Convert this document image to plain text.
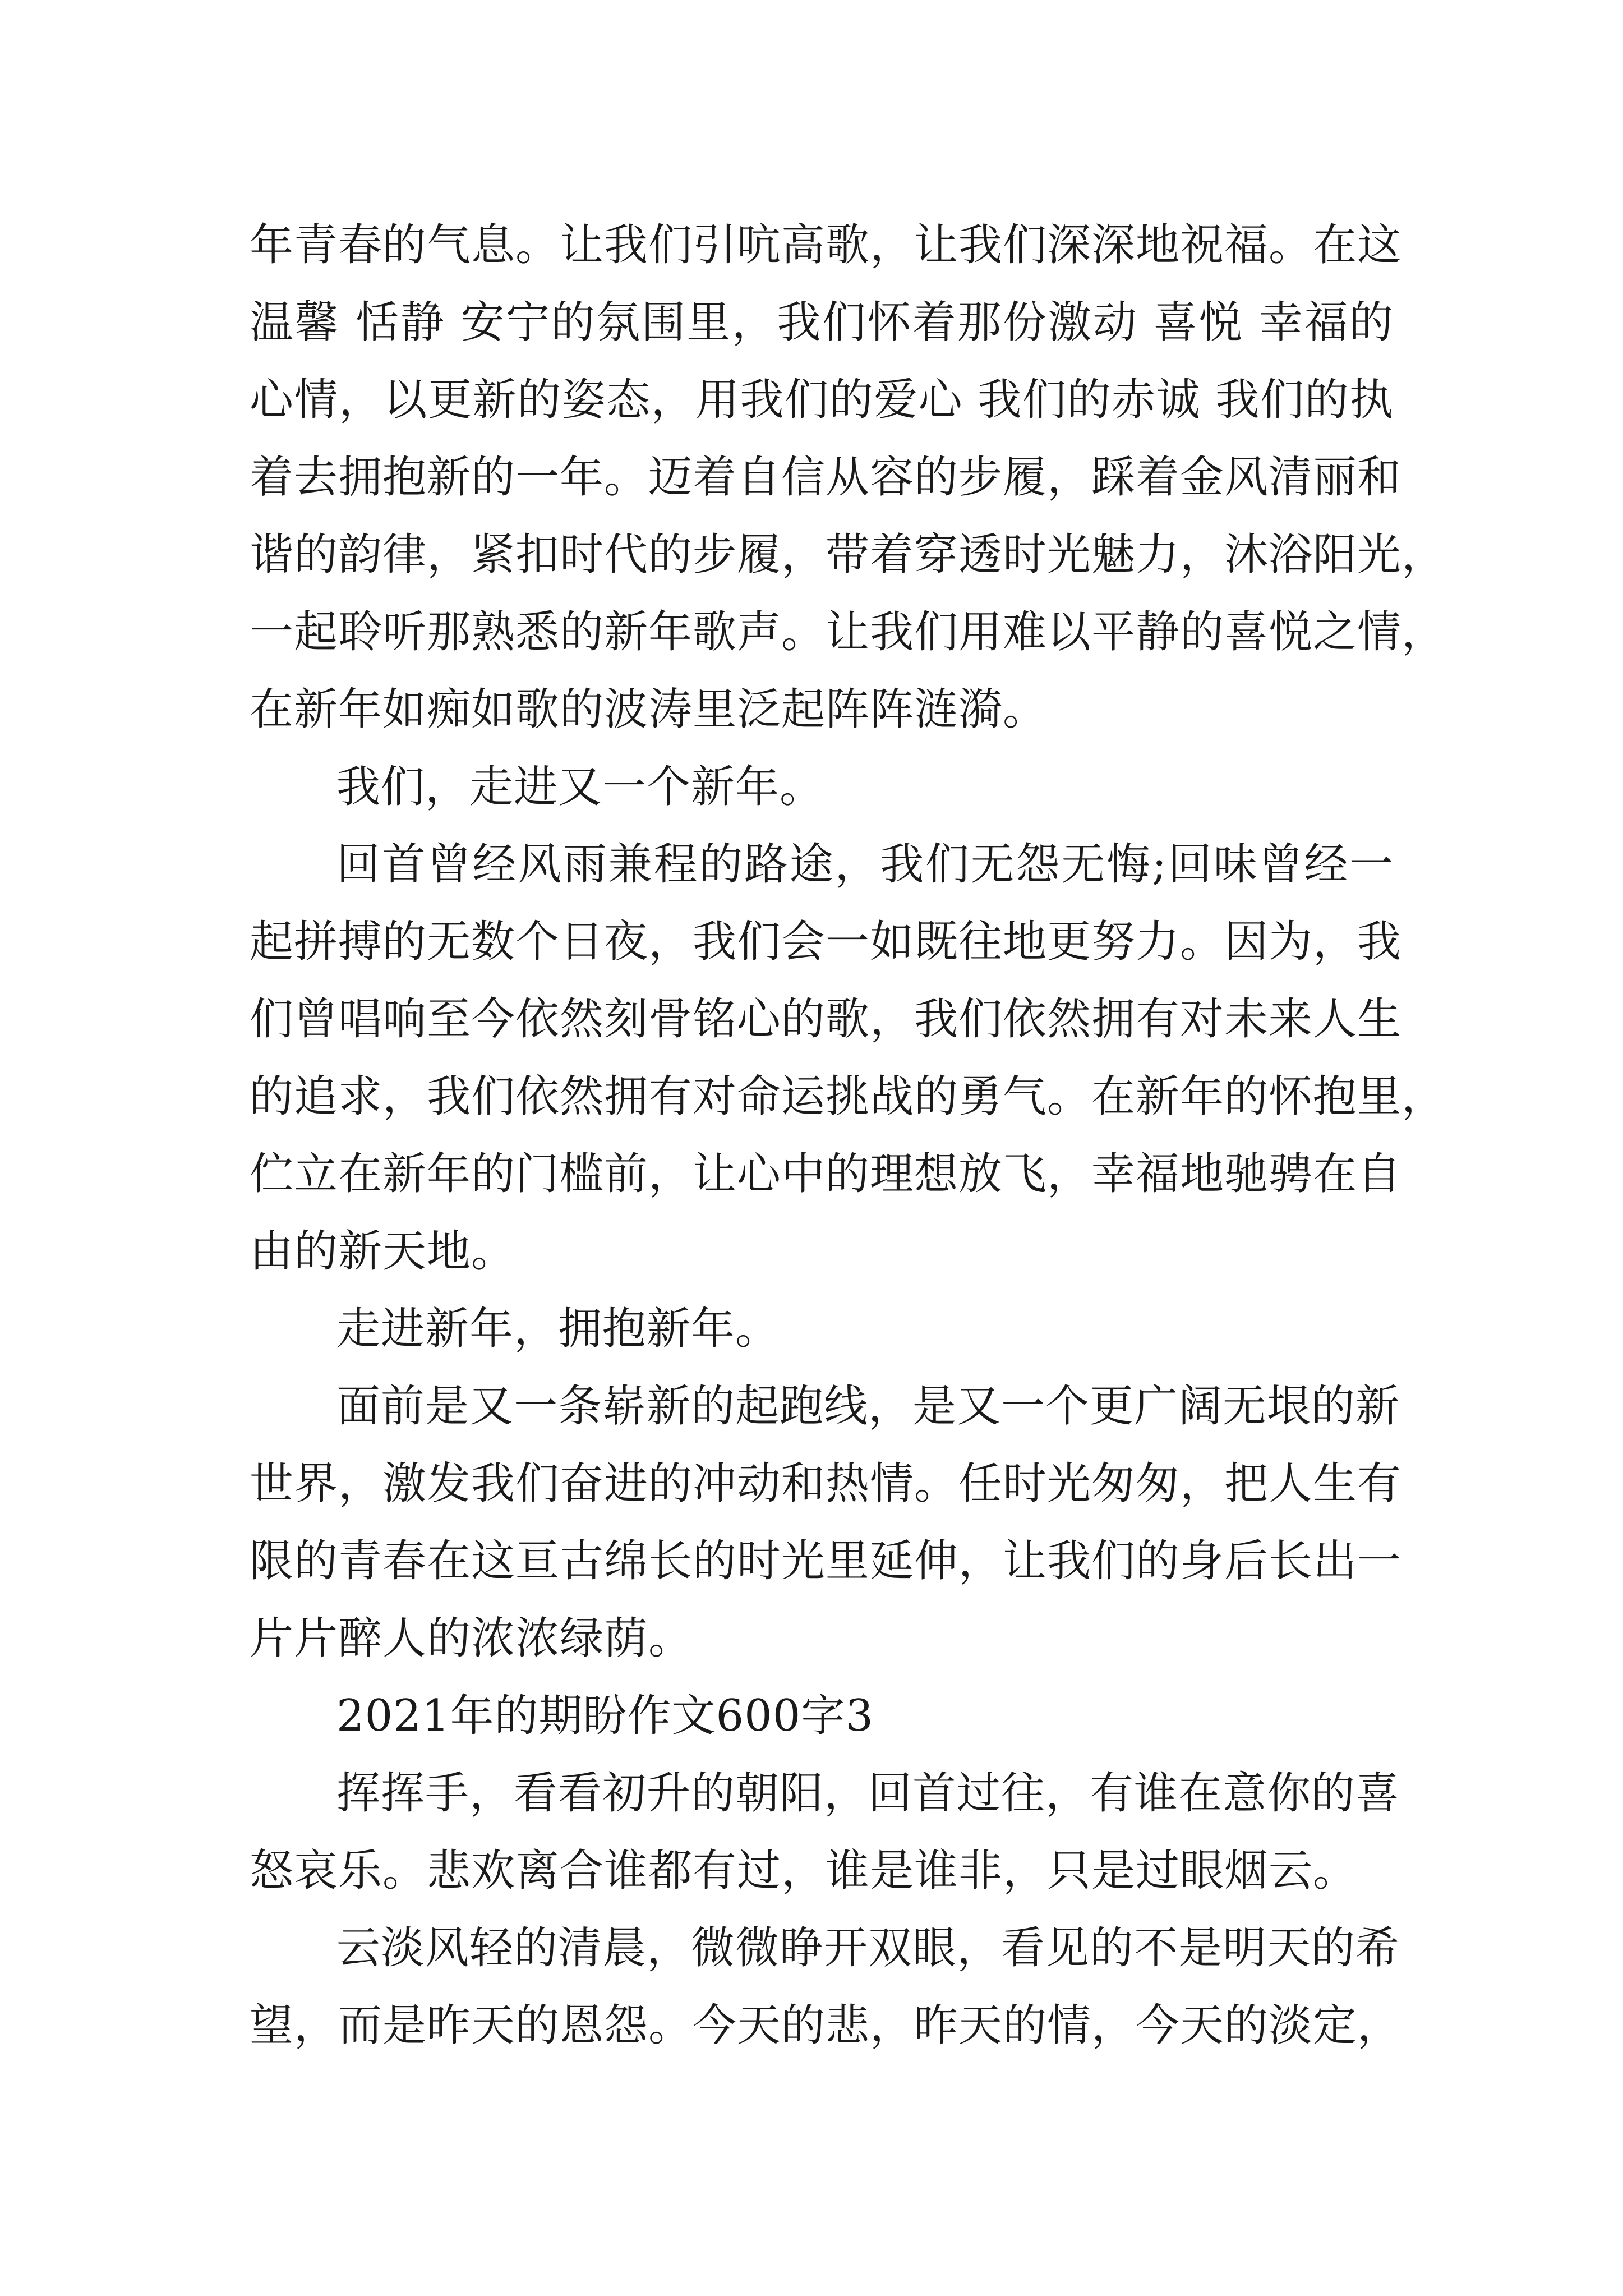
年青春的气息。让我们引吭高歌，让我们深深地祝福。在这
温馨 恬静 安宁的氛围里，我们怀着那份激动 喜悦 幸福的
心情，以更新的姿态，用我们的爱心 我们的赤诚 我们的执
着去拥抱新的一年。迈着自信从容的步履，踩着金风清丽和
谐的韵律，紧扣时代的步履，带着穿透时光魅力，沐浴阳光，
一起聆听那熟悉的新年歌声。让我们用难以平静的喜悦之情，
在新年如痴如歌的波涛里泛起阵阵涟漪。
我们，走进又一个新年。
回首曾经风雨兼程的路途，我们无怨无悔;回味曾经一
起拼搏的无数个日夜，我们会一如既往地更努力。因为，我
们曾唱响至今依然刻骨铭心的歌，我们依然拥有对未来人生
的追求，我们依然拥有对命运挑战的勇气。在新年的怀抱里，
伫立在新年的门槛前，让心中的理想放飞，幸福地驰骋在自
由的新天地。
走进新年，拥抱新年。
面前是又一条崭新的起跑线，是又一个更广阔无垠的新
世界，激发我们奋进的冲动和热情。任时光匆匆，把人生有
限的青春在这亘古绵长的时光里延伸，让我们的身后长出一
片片醉人的浓浓绿荫。
2021年的期盼作文600字3
挥挥手，看看初升的朝阳，回首过往，有谁在意你的喜
怒哀乐。悲欢离合谁都有过，谁是谁非，只是过眼烟云。
云淡风轻的清晨，微微睁开双眼，看见的不是明天的希
望，而是昨天的恩怨。今天的悲，昨天的情，今天的淡定，
